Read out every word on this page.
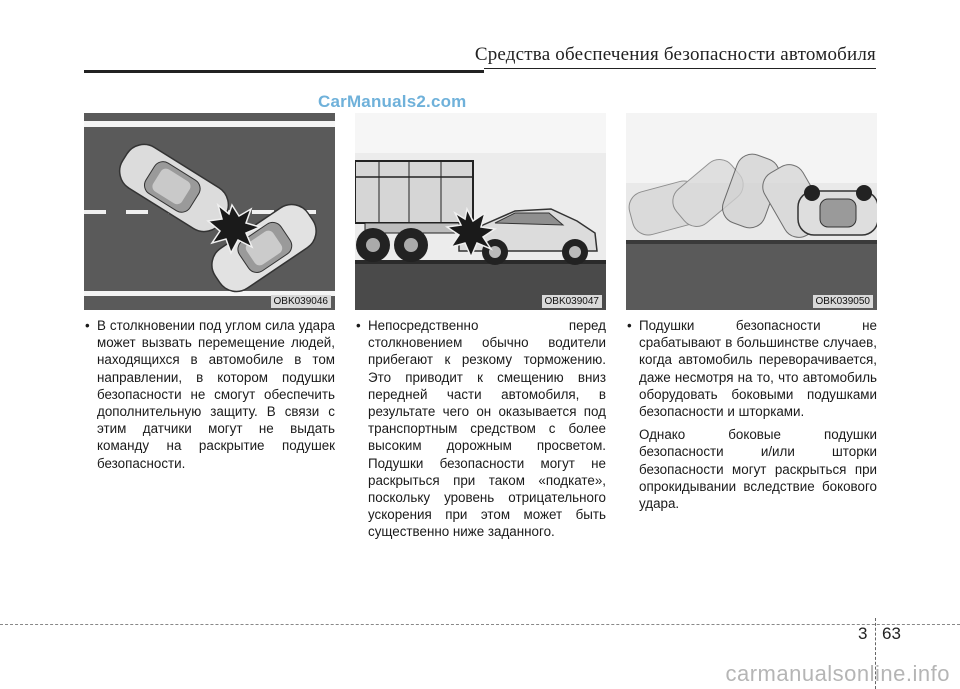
Средства обеспечения безопасности автомобиля
CarManuals2.com
OBK039046	OBK039047	OBK039050

• В столкновении под углом сила удара может вызвать перемещение людей, находящихся в автомобиле в том направлении, в котором подушки безопасности не смогут обеспечить дополнительную защиту. В связи с этим датчики могут не выдать команду на раскрытие подушек безопасности.

• Непосредственно перед столкновением обычно водители прибегают к резкому торможению. Это приводит к смещению вниз передней части автомобиля, в результате чего он оказывается под транспортным средством с более высоким дорожным просветом. Подушки безопасности могут не раскрыться при таком «подкате», поскольку уровень отрицательного ускорения при этом может быть существенно ниже заданного.

• Подушки безопасности не срабатывают в большинстве случаев, когда автомобиль переворачивается, даже несмотря на то, что автомобиль оборудовать боковыми подушками безопасности и шторками.

Однако боковые подушки безопасности и/или шторки безопасности могут раскрыться при опрокидывании вследствие бокового удара.

3 63
carmanualsonline.info
